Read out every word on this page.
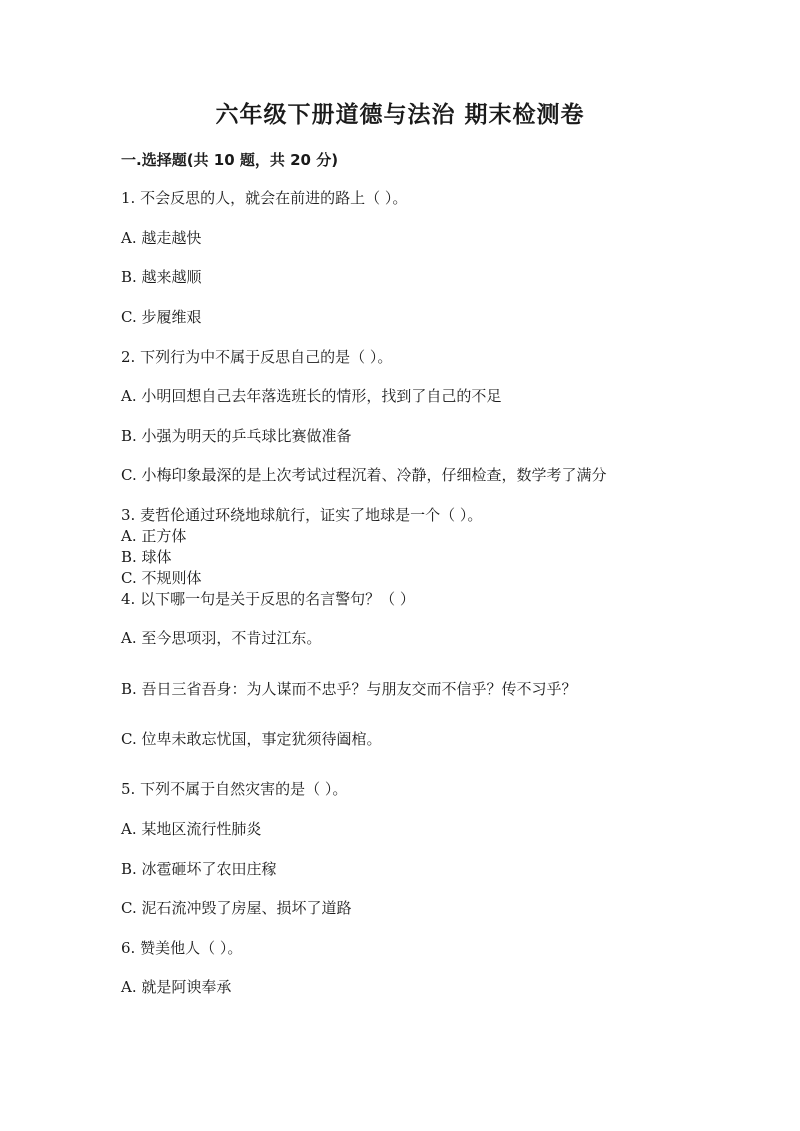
六年级下册道德与法治 期末检测卷
一.选择题(共 10 题，共 20 分)
1. 不会反思的人，就会在前进的路上（ ）。
A. 越走越快
B. 越来越顺
C. 步履维艰
2. 下列行为中不属于反思自己的是（ ）。
A. 小明回想自己去年落选班长的情形，找到了自己的不足
B. 小强为明天的乒乓球比赛做准备
C. 小梅印象最深的是上次考试过程沉着、冷静，仔细检查，数学考了满分
3. 麦哲伦通过环绕地球航行，证实了地球是一个（ ）。
A. 正方体
B. 球体
C. 不规则体
4. 以下哪一句是关于反思的名言警句？（ ）
A. 至今思项羽，不肯过江东。
B. 吾日三省吾身：为人谋而不忠乎？与朋友交而不信乎？传不习乎？
C. 位卑未敢忘忧国，事定犹须待阖棺。
5. 下列不属于自然灾害的是（ ）。
A. 某地区流行性肺炎
B. 冰雹砸坏了农田庄稼
C. 泥石流冲毁了房屋、损坏了道路
6. 赞美他人（ ）。
A. 就是阿谀奉承
